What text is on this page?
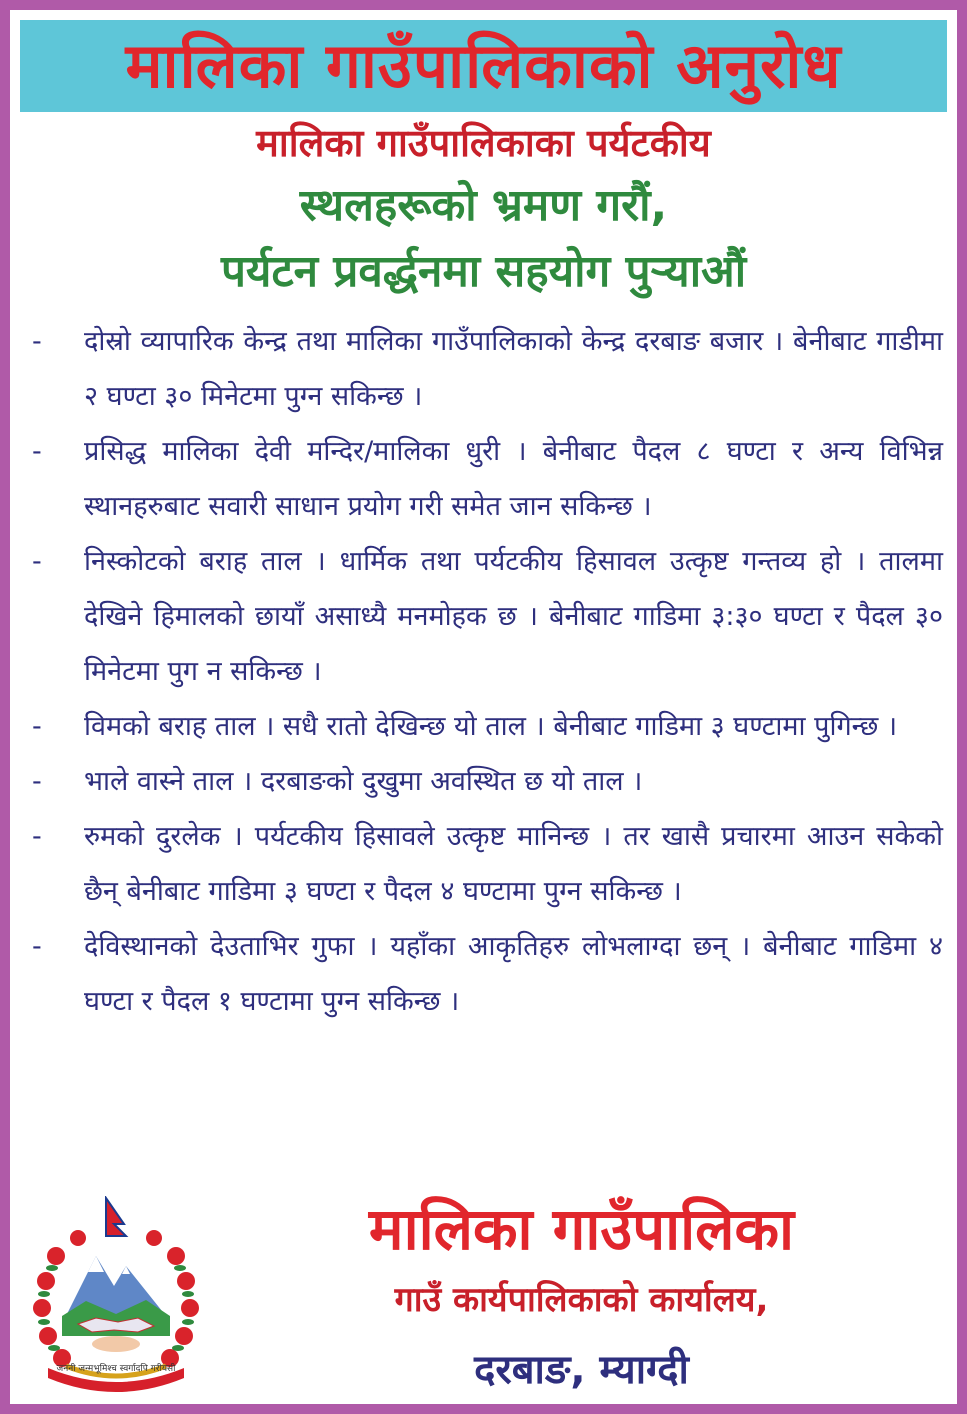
मालिका गाउँपालिकाको अनुरोध
मालिका गाउँपालिकाका पर्यटकीय
स्थलहरूको भ्रमण गरौं,
पर्यटन प्रवर्द्धनमा सहयोग पुऱ्याऔं
-	दोस्रो व्यापारिक केन्द्र तथा मालिका गाउँपालिकाको केन्द्र दरबाङ बजार । बेनीबाट गाडीमा २ घण्टा ३० मिनेटमा पुग्न सकिन्छ ।
-	प्रसिद्ध मालिका देवी मन्दिर/मालिका धुरी । बेनीबाट पैदल ८ घण्टा र अन्य विभिन्न स्थानहरुबाट सवारी साधान प्रयोग गरी समेत जान सकिन्छ ।
-	निस्कोटको बराह ताल । धार्मिक तथा पर्यटकीय हिसावल उत्कृष्ट गन्तव्य हो । तालमा देखिने हिमालको छायाँ असाध्यै मनमोहक छ । बेनीबाट गाडिमा ३:३० घण्टा र पैदल ३० मिनेटमा पुग न सकिन्छ ।
-	विमको बराह ताल । सधै रातो देखिन्छ यो ताल । बेनीबाट गाडिमा ३ घण्टामा पुगिन्छ ।
-	भाले वास्ने ताल । दरबाङको दुखुमा अवस्थित छ यो ताल ।
-	रुमको दुरलेक । पर्यटकीय हिसावले उत्कृष्ट मानिन्छ । तर खासै प्रचारमा आउन सकेको छैन् बेनीबाट गाडिमा ३ घण्टा र पैदल ४ घण्टामा पुग्न सकिन्छ ।
-	देविस्थानको देउताभिर गुफा । यहाँका आकृतिहरु लोभलाग्दा छन् । बेनीबाट गाडिमा ४ घण्टा र पैदल १ घण्टामा पुग्न सकिन्छ ।
जननी जन्मभूमिश्च स्वर्गादपि गरीयसी
मालिका गाउँपालिका
गाउँ कार्यपालिकाको कार्यालय,
दरबाङ, म्याग्दी
